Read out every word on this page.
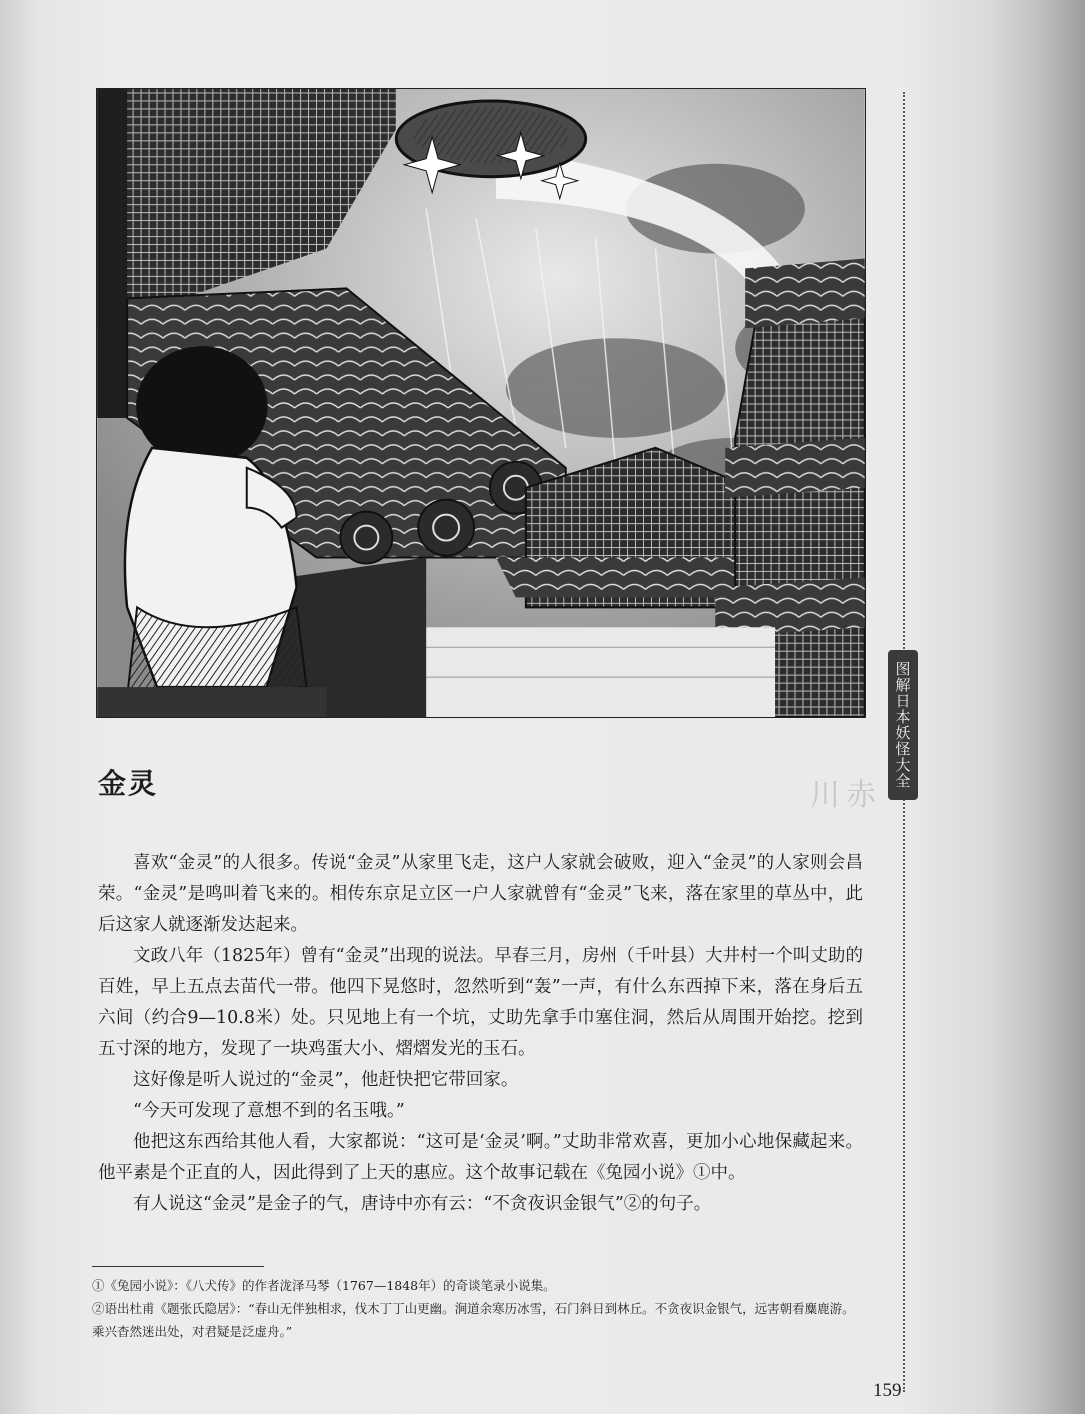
图解日本妖怪大全
川赤
金灵

喜欢“金灵”的人很多。传说“金灵”从家里飞走，这户人家就会破败，迎入“金灵”的人家则会昌荣。“金灵”是鸣叫着飞来的。相传东京足立区一户人家就曾有“金灵”飞来，落在家里的草丛中，此后这家人就逐渐发达起来。

文政八年（1825年）曾有“金灵”出现的说法。早春三月，房州（千叶县）大井村一个叫丈助的百姓，早上五点去苗代一带。他四下晃悠时，忽然听到“轰”一声，有什么东西掉下来，落在身后五六间（约合9—10.8米）处。只见地上有一个坑，丈助先拿手巾塞住洞，然后从周围开始挖。挖到五寸深的地方，发现了一块鸡蛋大小、熠熠发光的玉石。

这好像是听人说过的“金灵”，他赶快把它带回家。

“今天可发现了意想不到的名玉哦。”

他把这东西给其他人看，大家都说：“这可是‘金灵’啊。”丈助非常欢喜，更加小心地保藏起来。他平素是个正直的人，因此得到了上天的惠应。这个故事记载在《兔园小说》①中。

有人说这“金灵”是金子的气，唐诗中亦有云：“不贪夜识金银气”②的句子。

①《兔园小说》：《八犬传》的作者泷泽马琴（1767—1848年）的奇谈笔录小说集。

②语出杜甫《题张氏隐居》：“春山无伴独相求，伐木丁丁山更幽。涧道余寒历冰雪，石门斜日到林丘。不贪夜识金银气，远害朝看麋鹿游。乘兴杳然迷出处，对君疑是泛虚舟。”

159
